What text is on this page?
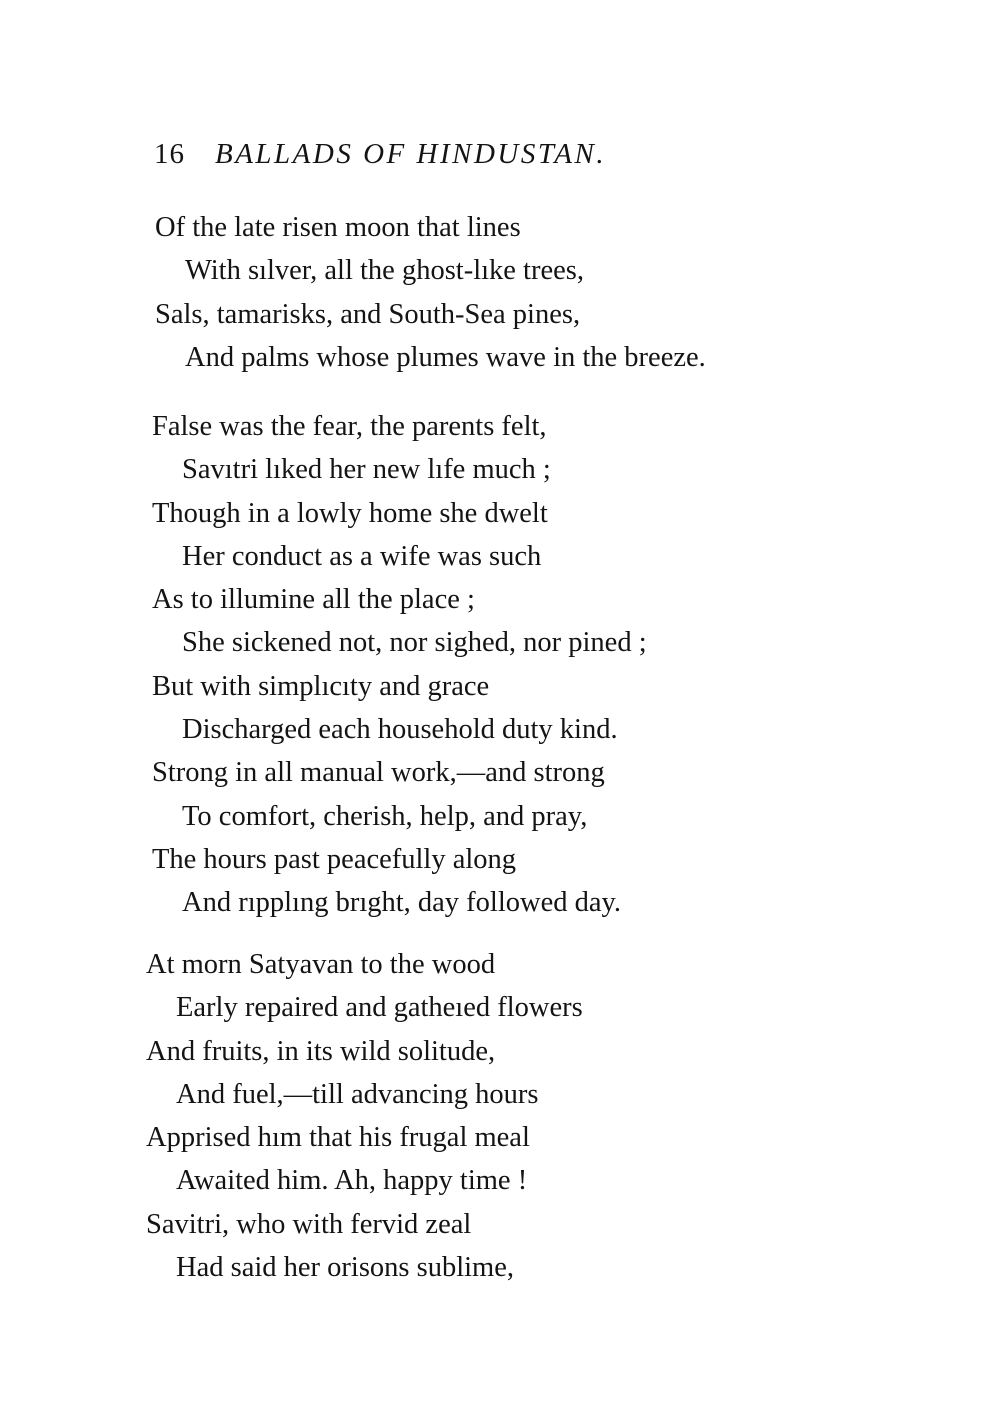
16 BALLADS OF HINDUSTAN.
Of the late risen moon that lines
With sılver, all the ghost-lıke trees,
Sals, tamarisks, and South-Sea pines,
And palms whose plumes wave in the breeze.
False was the fear, the parents felt,
Savıtri lıked her new lıfe much ;
Though in a lowly home she dwelt
Her conduct as a wife was such
As to illumine all the place ;
She sickened not, nor sighed, nor pined ;
But with simplıcıty and grace
Discharged each household duty kind.
Strong in all manual work,—and strong
To comfort, cherish, help, and pray,
The hours past peacefully along
And rıpplıng brıght, day followed day.
At morn Satyavan to the wood
Early repaired and gatheıed flowers
And fruits, in its wild solitude,
And fuel,—till advancing hours
Apprised hım that his frugal meal
Awaited him. Ah, happy time !
Savitri, who with fervid zeal
Had said her orisons sublime,
